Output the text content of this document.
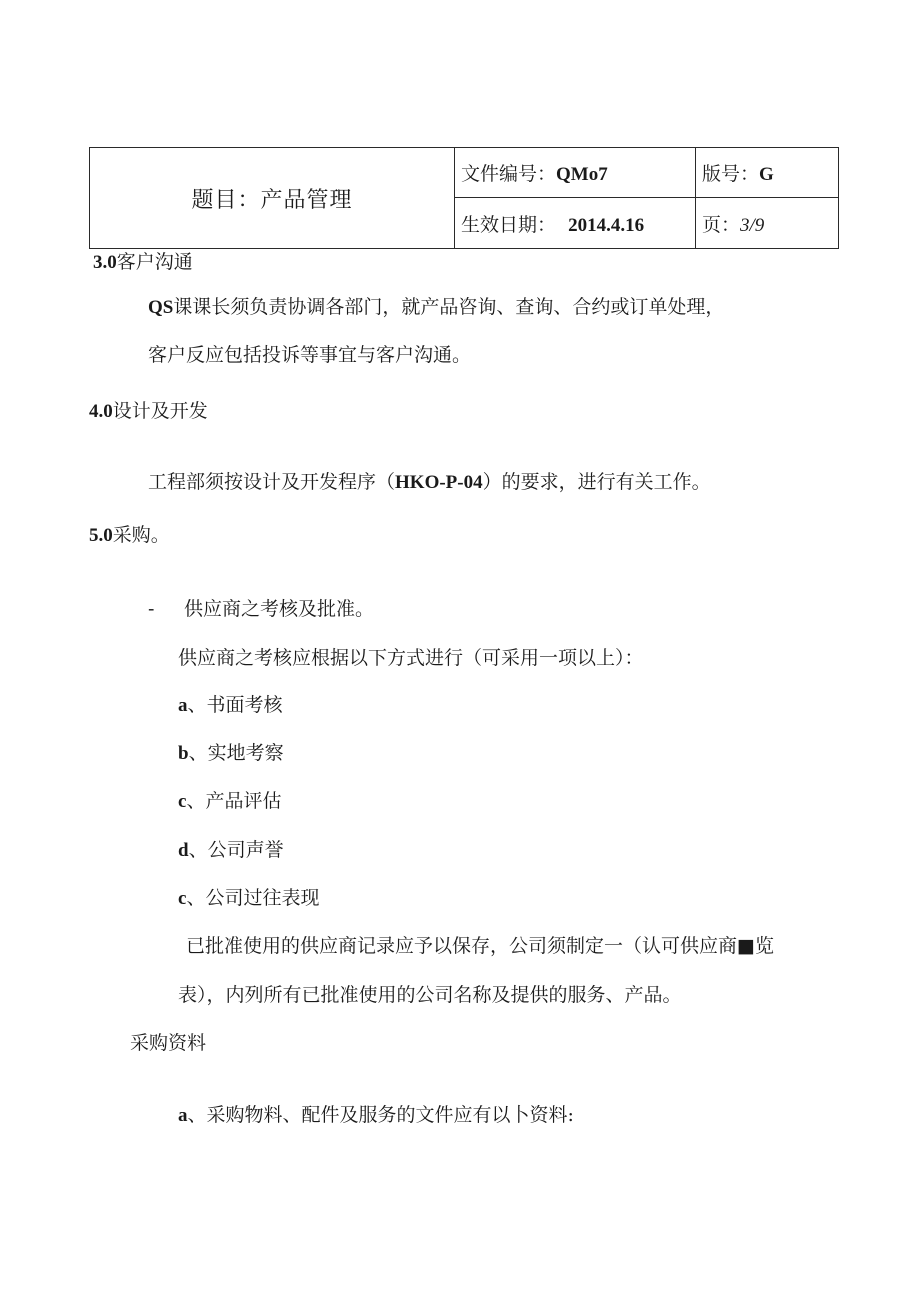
题目：产品管理	文件编号：QMo7	版号：G
	生效日期： 2014.4.16	页：3/9
3.0客户沟通
QS课课长须负责协调各部门，就产品咨询、查询、合约或订单处理，
客户反应包括投诉等事宜与客户沟通。
4.0设计及开发
工程部须按设计及开发程序（HKO-P-04）的要求，进行有关工作。
5.0采购。
- 供应商之考核及批准。
供应商之考核应根据以下方式进行（可采用一项以上）：
a、书面考核
b、实地考察
c、产品评估
d、公司声誉
c、公司过往表现
已批准使用的供应商记录应予以保存，公司须制定一（认可供应商■览
表），内列所有已批准使用的公司名称及提供的服务、产品。
采购资料
a、采购物料、配件及服务的文件应有以卜资料:
